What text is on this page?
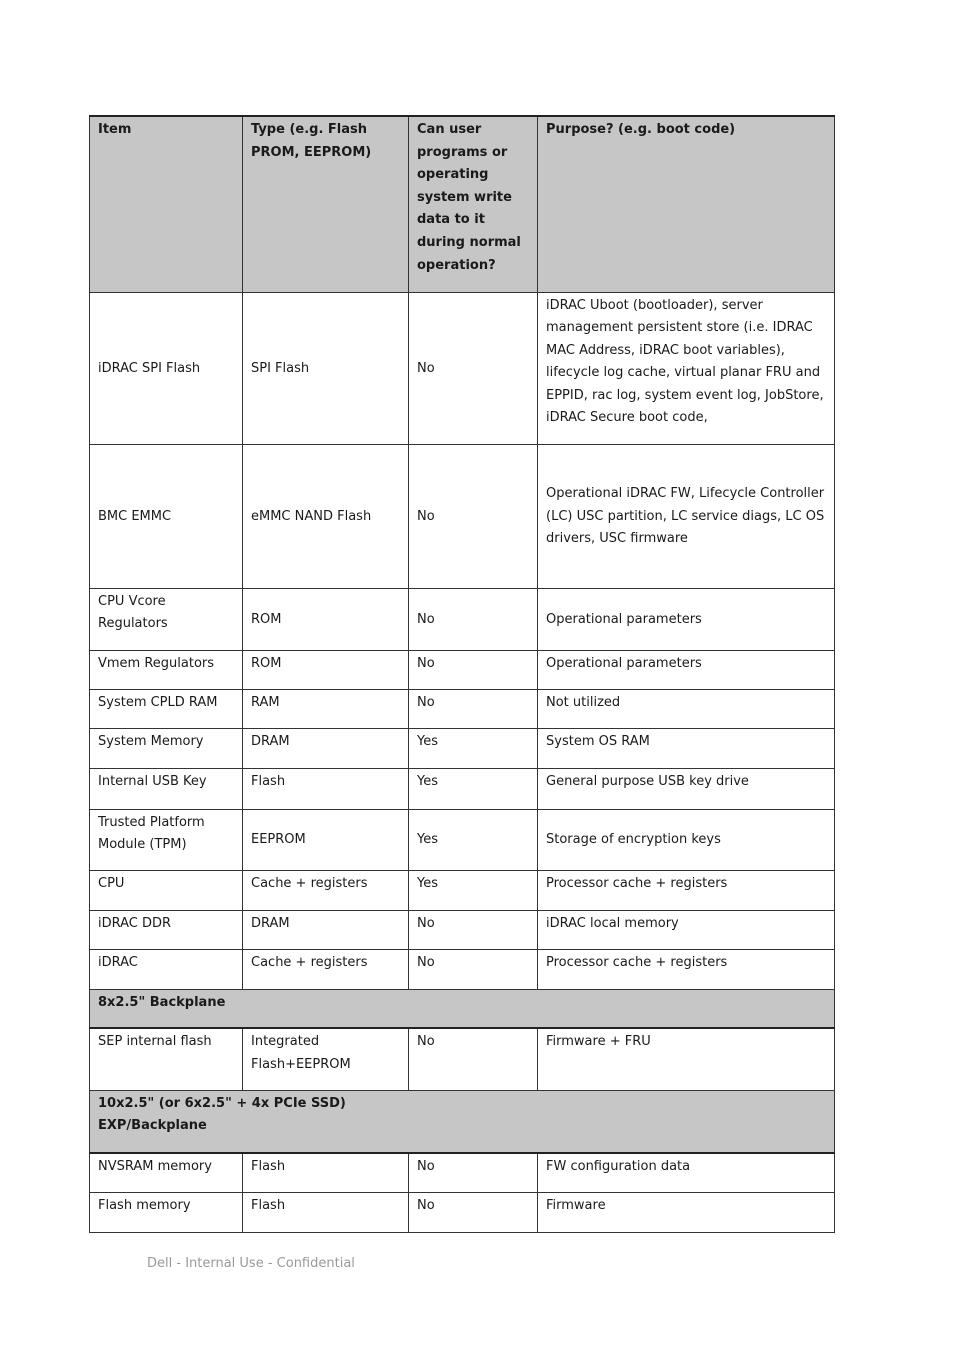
Item	Type (e.g. Flash PROM, EEPROM)	Can user programs or operating system write data to it during normal operation?	Purpose? (e.g. boot code)
iDRAC SPI Flash	SPI Flash	No	iDRAC Uboot (bootloader), server management persistent store (i.e. IDRAC MAC Address, iDRAC boot variables), lifecycle log cache, virtual planar FRU and EPPID, rac log, system event log, JobStore, iDRAC Secure boot code,
BMC EMMC	eMMC NAND Flash	No	Operational iDRAC FW, Lifecycle Controller (LC) USC partition, LC service diags, LC OS drivers, USC firmware
CPU Vcore Regulators	ROM	No	Operational parameters
Vmem Regulators	ROM	No	Operational parameters
System CPLD RAM	RAM	No	Not utilized
System Memory	DRAM	Yes	System OS RAM
Internal USB Key	Flash	Yes	General purpose USB key drive
Trusted Platform Module (TPM)	EEPROM	Yes	Storage of encryption keys
CPU	Cache + registers	Yes	Processor cache + registers
iDRAC DDR	DRAM	No	iDRAC local memory
iDRAC	Cache + registers	No	Processor cache + registers
8x2.5" Backplane			
SEP internal flash	Integrated Flash+EEPROM	No	Firmware + FRU

10x2.5" (or 6x2.5" + 4x PCIe SSD) EXP/Backplane			

NVSRAM memory	Flash	No	FW configuration data
Flash memory	Flash	No	Firmware
Dell - Internal Use - Confidential
